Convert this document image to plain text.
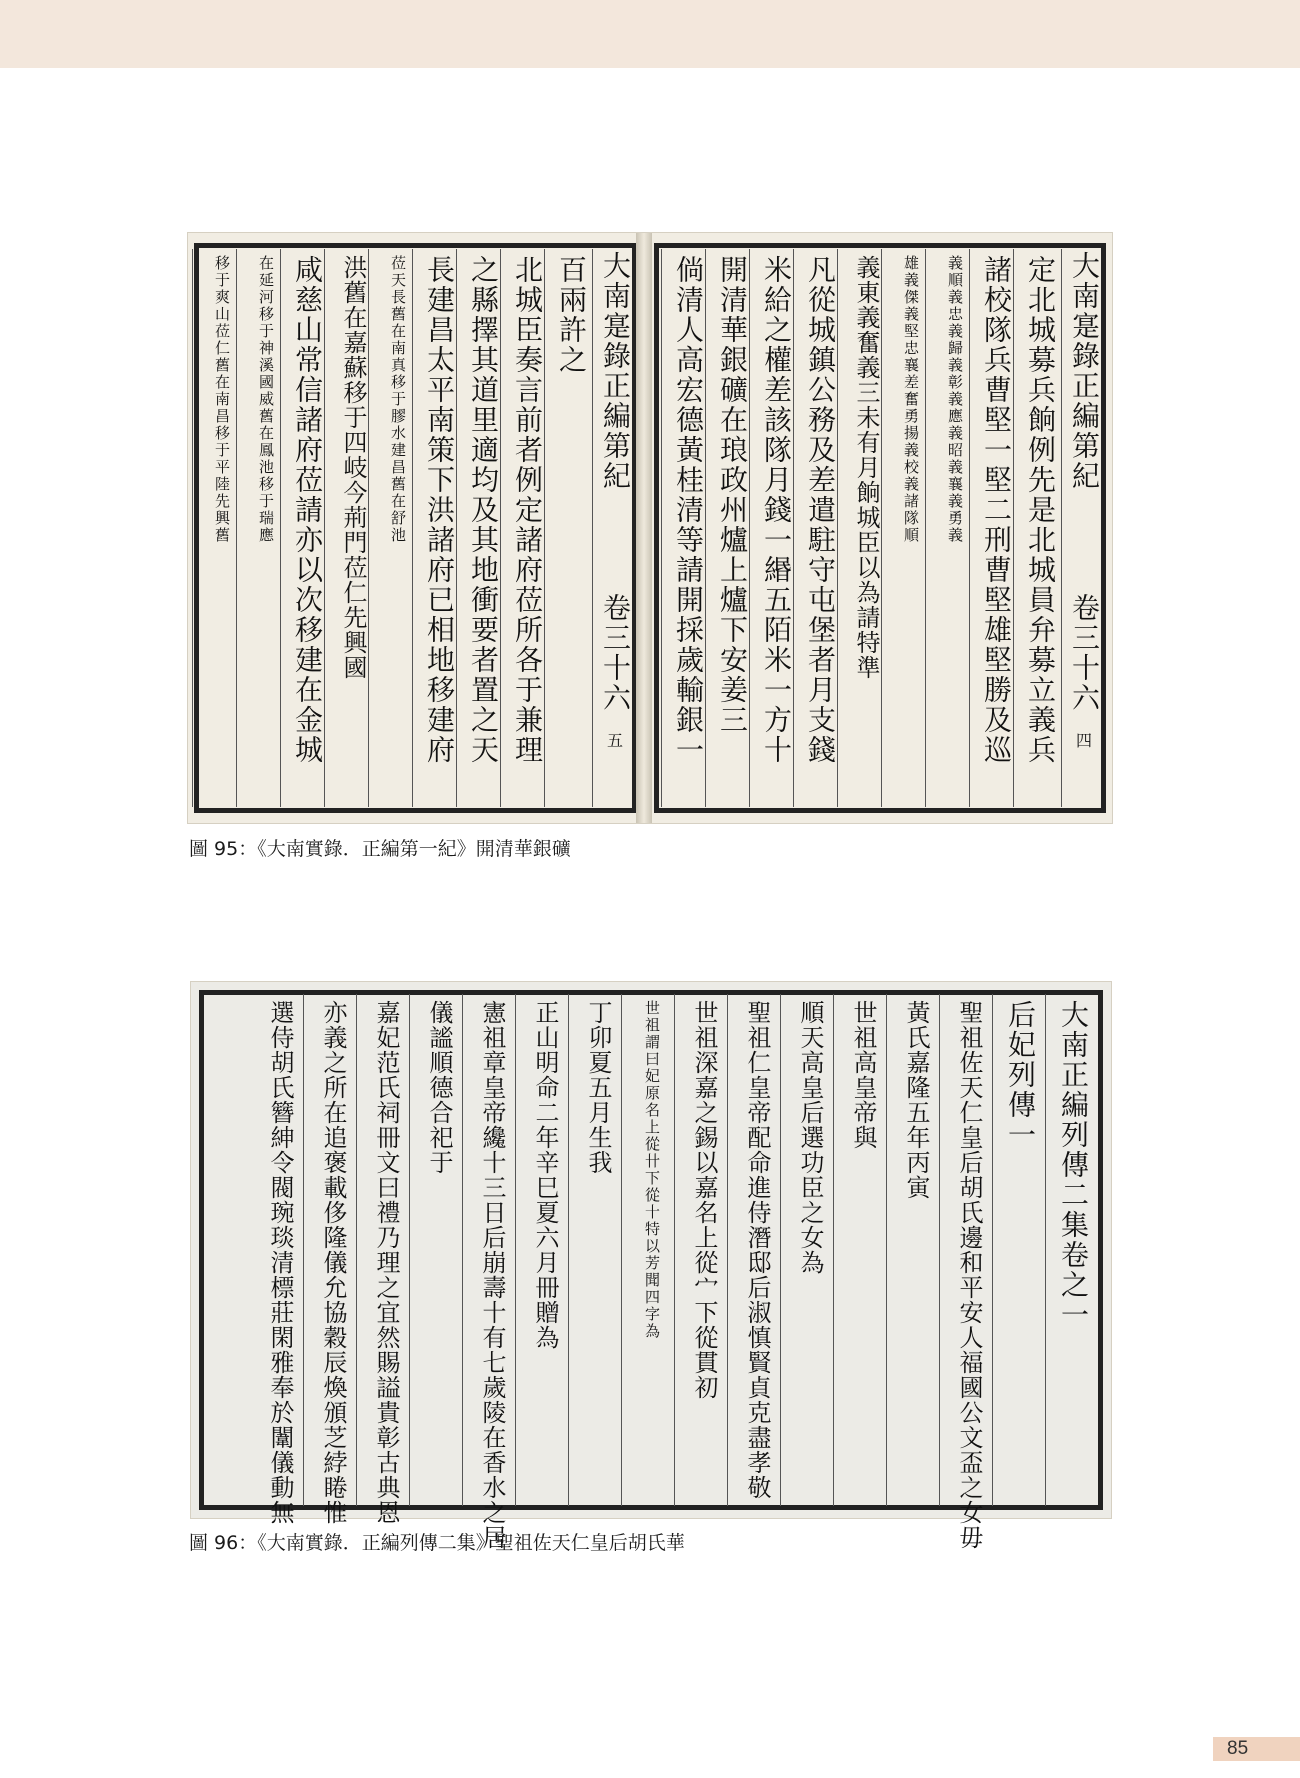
大南寔錄正編第紀
卷三十六
五
百兩許之
北城臣奏言前者例定諸府莅所各于兼理
之縣擇其道里適均及其地衝要者置之天
長建昌太平南策下洪諸府已相地移建府
莅天長舊在南真移于膠水建昌舊在舒池
洪舊在嘉蘇移于四岐今荊門莅仁先興國
咸慈山常信諸府莅請亦以次移建在金城
在延河移于神溪國威舊在鳳池移于瑞應
移于爽山莅仁舊在南昌移于平陸先興舊	大南寔錄正編第紀
卷三十六
四
定北城募兵餉例先是北城員弁募立義兵
諸校隊兵曹堅一堅二刑曹堅雄堅勝及巡
義順義忠義歸義彰義應義昭義襄義勇義
雄義傑義堅忠襄差奮勇揚義校義諸隊順
義東義奮義三未有月餉城臣以為請特準
凡從城鎮公務及差遣駐守屯堡者月支錢
米給之權差該隊月錢一緡五陌米一方十
開清華銀礦在琅政州爐上爐下安姜三
倘清人高宏德黃桂清等請開採歲輸銀一
圖 95：《大南實錄．正編第一紀》開清華銀礦
大南正編列傳二集卷之一
后妃列傳一
聖祖佐天仁皇后胡氏邊和平安人福國公文盃之女毋
黃氏嘉隆五年丙寅
世祖高皇帝與
順天高皇后選功臣之女為
聖祖仁皇帝配命進侍潛邸后淑慎賢貞克盡孝敬
世祖深嘉之錫以嘉名上從宀下從貫初
世祖謂曰妃原名上從卄下從十特以芳聞四字為
丁卯夏五月生我
正山明命二年辛巳夏六月冊贈為
憲祖章皇帝纔十三日后崩壽十有七歲陵在香水之居
儀謐順德合祀于
嘉妃范氏祠冊文曰禮乃理之宜然賜謚貴彰古典恩
亦義之所在追褒載侈隆儀允協穀辰煥頒芝綍睠惟
選侍胡氏簪紳令閥琬琰清標莊閑雅奉於闈儀動無
圖 96：《大南實錄．正編列傳二集》聖祖佐天仁皇后胡氏華
85
